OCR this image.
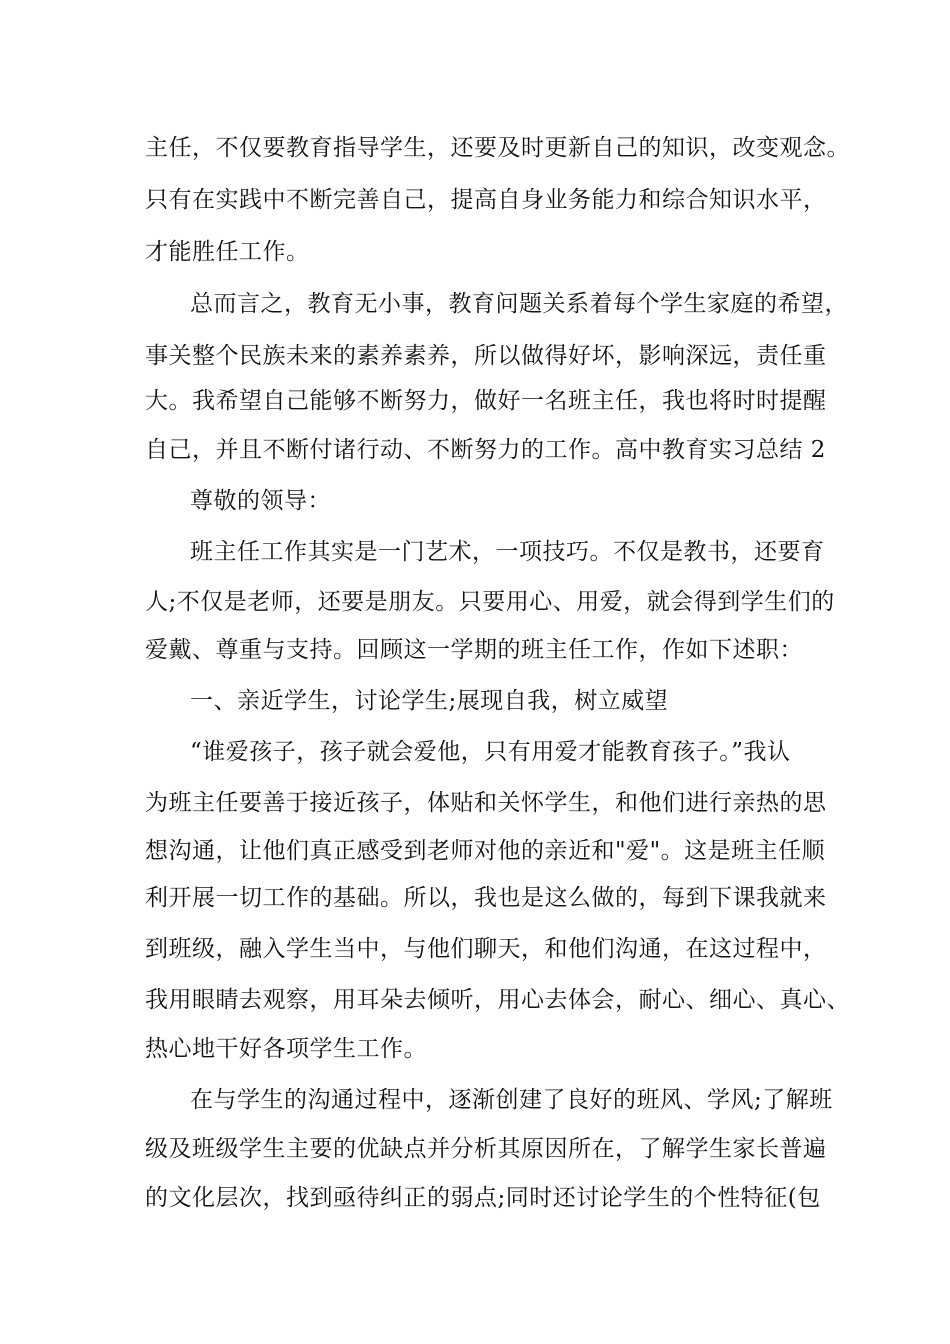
主任，不仅要教育指导学生，还要及时更新自己的知识，改变观念。
只有在实践中不断完善自己，提高自身业务能力和综合知识水平，
才能胜任工作。
总而言之，教育无小事，教育问题关系着每个学生家庭的希望，
事关整个民族未来的素养素养，所以做得好坏，影响深远，责任重
大。我希望自己能够不断努力，做好一名班主任，我也将时时提醒
自己，并且不断付诸行动、不断努力的工作。高中教育实习总结 2
尊敬的领导：
班主任工作其实是一门艺术，一项技巧。不仅是教书，还要育
人;不仅是老师，还要是朋友。只要用心、用爱，就会得到学生们的
爱戴、尊重与支持。回顾这一学期的班主任工作，作如下述职：
一、亲近学生，讨论学生;展现自我，树立威望
“谁爱孩子，孩子就会爱他，只有用爱才能教育孩子。”我认
为班主任要善于接近孩子，体贴和关怀学生，和他们进行亲热的思
想沟通，让他们真正感受到老师对他的亲近和"爱"。这是班主任顺
利开展一切工作的基础。所以，我也是这么做的，每到下课我就来
到班级，融入学生当中，与他们聊天，和他们沟通，在这过程中，
我用眼睛去观察，用耳朵去倾听，用心去体会，耐心、细心、真心、
热心地干好各项学生工作。
在与学生的沟通过程中，逐渐创建了良好的班风、学风;了解班
级及班级学生主要的优缺点并分析其原因所在，了解学生家长普遍
的文化层次，找到亟待纠正的弱点;同时还讨论学生的个性特征(包
